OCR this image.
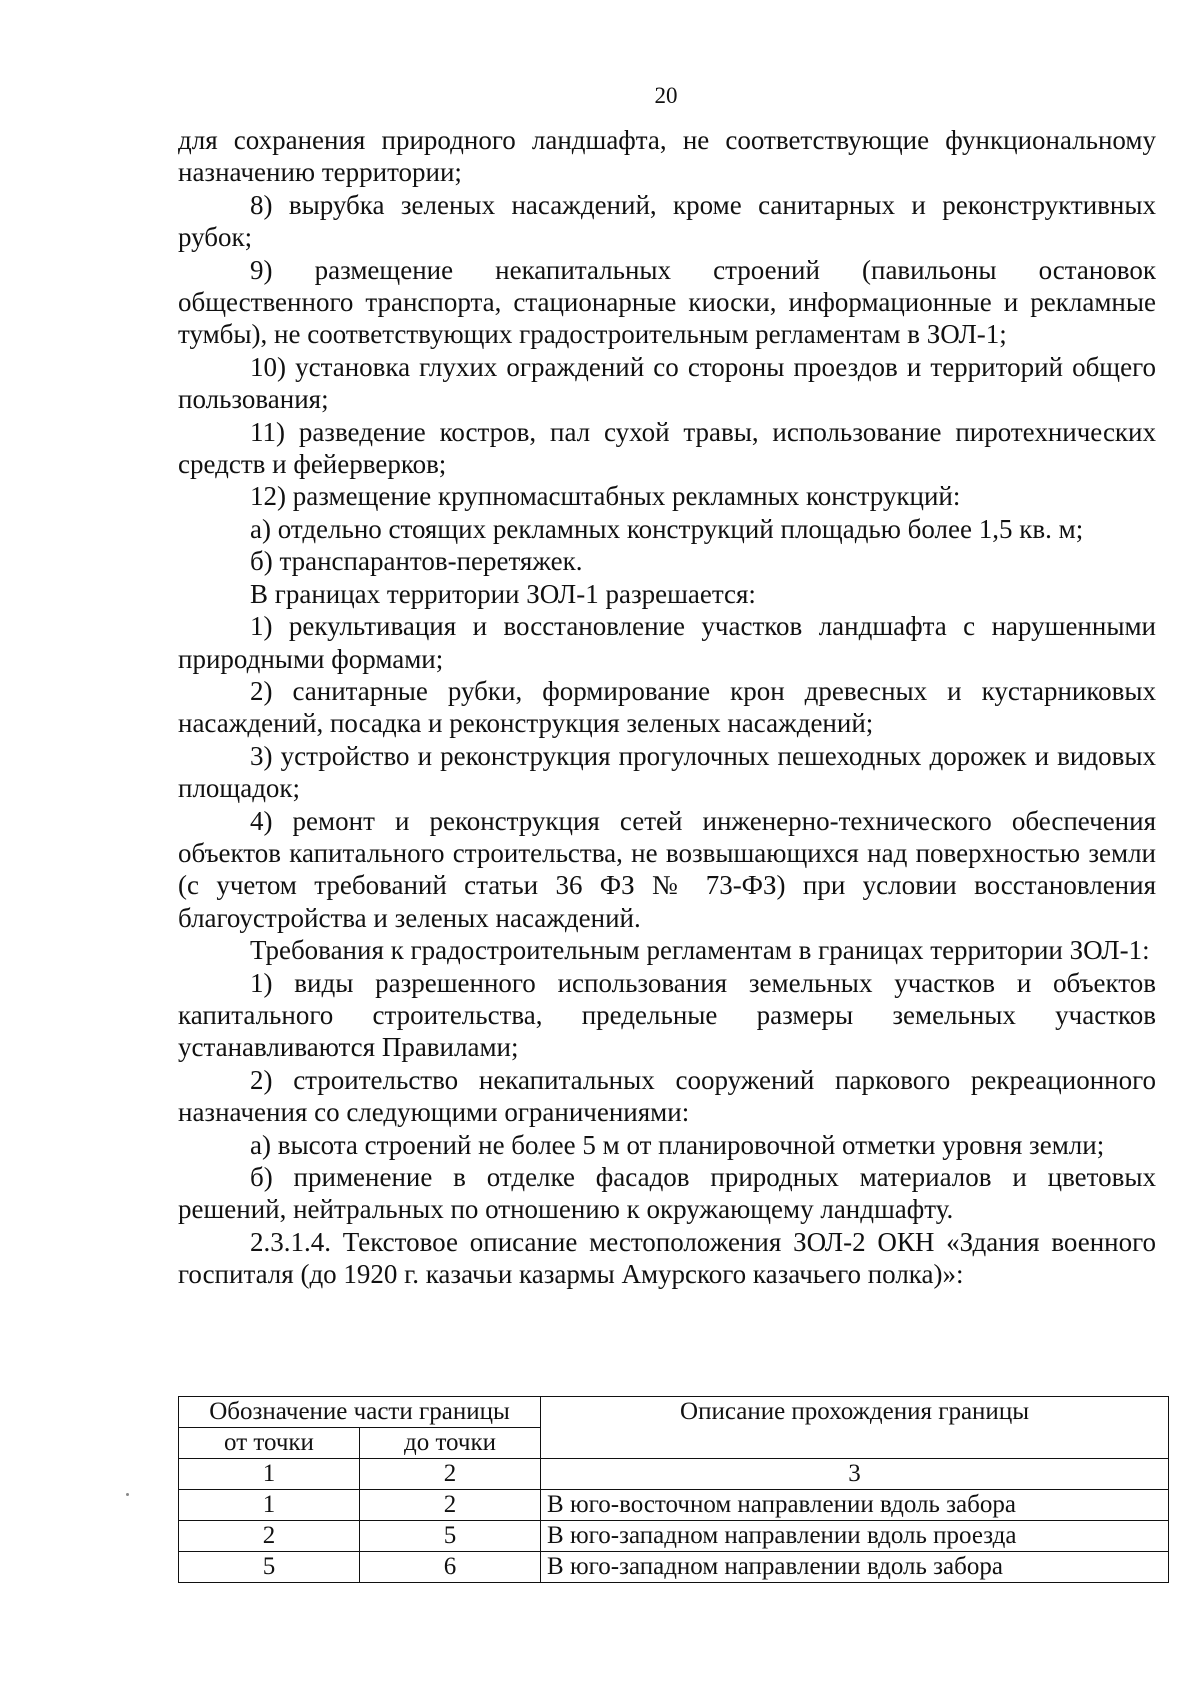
20

для сохранения природного ландшафта, не соответствующие функциональному назначению территории;

8) вырубка зеленых насаждений, кроме санитарных и реконструктивных рубок;

9) размещение некапитальных строений (павильоны остановок общественного транспорта, стационарные киоски, информационные и рекламные тумбы), не соответствующих градостроительным регламентам в ЗОЛ-1;

10) установка глухих ограждений со стороны проездов и территорий общего пользования;

11) разведение костров, пал сухой травы, использование пиротехнических средств и фейерверков;

12) размещение крупномасштабных рекламных конструкций:

а) отдельно стоящих рекламных конструкций площадью более 1,5 кв. м;

б) транспарантов-перетяжек.

В границах территории ЗОЛ-1 разрешается:

1) рекультивация и восстановление участков ландшафта с нарушенными природными формами;

2) санитарные рубки, формирование крон древесных и кустарниковых насаждений, посадка и реконструкция зеленых насаждений;

3) устройство и реконструкция прогулочных пешеходных дорожек и видовых площадок;

4) ремонт и реконструкция сетей инженерно-технического обеспечения объектов капитального строительства, не возвышающихся над поверхностью земли (с учетом требований статьи 36 ФЗ № 73-ФЗ) при условии восстановления благоустройства и зеленых насаждений.

Требования к градостроительным регламентам в границах территории ЗОЛ-1:

1) виды разрешенного использования земельных участков и объектов капитального строительства, предельные размеры земельных участков устанавливаются Правилами;

2) строительство некапитальных сооружений паркового рекреационного назначения со следующими ограничениями:

а) высота строений не более 5 м от планировочной отметки уровня земли;

б) применение в отделке фасадов природных материалов и цветовых решений, нейтральных по отношению к окружающему ландшафту.

2.3.1.4. Текстовое описание местоположения ЗОЛ-2 ОКН «Здания военного госпиталя (до 1920 г. казачьи казармы Амурского казачьего полка)»:

Обозначение части границы		Описание прохождения границы
от точки	до точки	
1	2	3
1	2	В юго-восточном направлении вдоль забора
2	5	В юго-западном направлении вдоль проезда
5	6	В юго-западном направлении вдоль забора
